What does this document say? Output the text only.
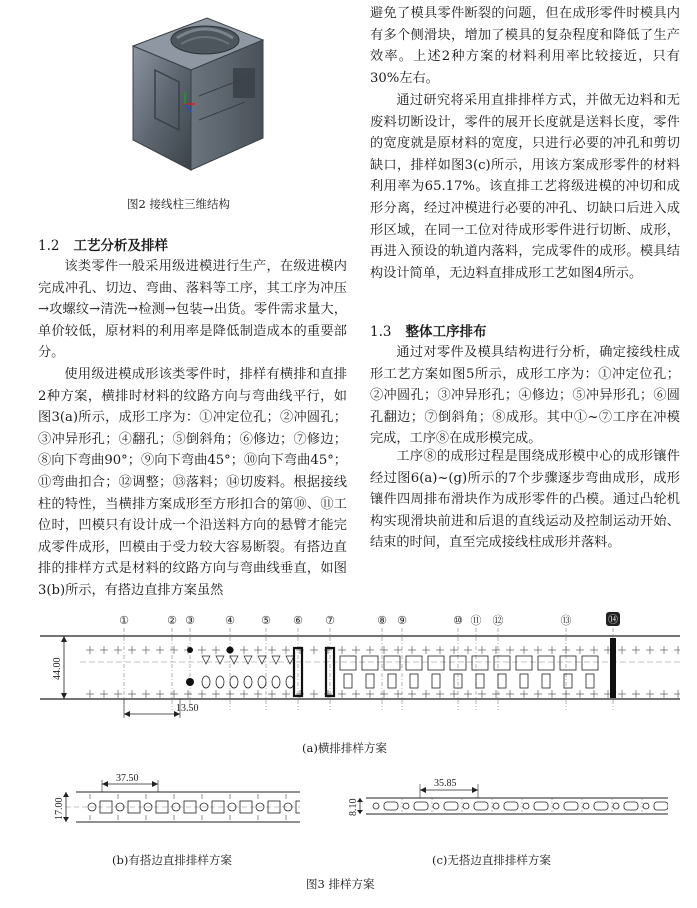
图2 接线柱三维结构
1.2 工艺分析及排样

该类零件一般采用级进模进行生产，在级进模内完成冲孔、切边、弯曲、落料等工序，其工序为冲压→攻螺纹→清洗→检测→包装→出货。零件需求量大，单价较低，原材料的利用率是降低制造成本的重要部分。

使用级进模成形该类零件时，排样有横排和直排2种方案，横排时材料的纹路方向与弯曲线平行，如图3(a)所示，成形工序为：①冲定位孔；②冲圆孔；③冲异形孔；④翻孔；⑤倒斜角；⑥修边；⑦修边；⑧向下弯曲90°；⑨向下弯曲45°；⑩向下弯曲45°；⑪弯曲扣合；⑫调整；⑬落料；⑭切废料。根据接线柱的特性，当横排方案成形至方形扣合的第⑩、⑪工位时，凹模只有设计成一个沿送料方向的悬臂才能完成零件成形，凹模由于受力较大容易断裂。有搭边直排的排样方式是材料的纹路方向与弯曲线垂直，如图3(b)所示，有搭边直排方案虽然

避免了模具零件断裂的问题，但在成形零件时模具内有多个侧滑块，增加了模具的复杂程度和降低了生产效率。上述2种方案的材料利用率比较接近，只有30%左右。

通过研究将采用直排排样方式，并做无边料和无废料切断设计，零件的展开长度就是送料长度，零件的宽度就是原材料的宽度，只进行必要的冲孔和剪切缺口，排样如图3(c)所示，用该方案成形零件的材料利用率为65.17%。该直排工艺将级进模的冲切和成形分离，经过冲模进行必要的冲孔、切缺口后进入成形区域，在同一工位对待成形零件进行切断、成形，再进入预设的轨道内落料，完成零件的成形。模具结构设计简单，无边料直排成形工艺如图4所示。

1.3 整体工序排布

通过对零件及模具结构进行分析，确定接线柱成形工艺方案如图5所示，成形工序为：①冲定位孔；②冲圆孔；③冲异形孔；④修边；⑤冲异形孔；⑥圆孔翻边；⑦倒斜角；⑧成形。其中①~⑦工序在冲模完成，工序⑧在成形模完成。

工序⑧的成形过程是围绕成形模中心的成形镶件经过图6(a)~(g)所示的7个步骤逐步弯曲成形，成形镶件四周排布滑块作为成形零件的凸模。通过凸轮机构实现滑块前进和后退的直线运动及控制运动开始、结束的时间，直至完成接线柱成形并落料。

①	② ③	④ ⑤ ⑥ ⑦	⑧ ⑨	⑩ ⑪ ⑫	⑬	⑭
44.00
13.50
(a)横排排样方案
17.00
37.50
(b)有搭边直排排样方案
8.10
35.85
(c)无搭边直排排样方案
图3 排样方案
